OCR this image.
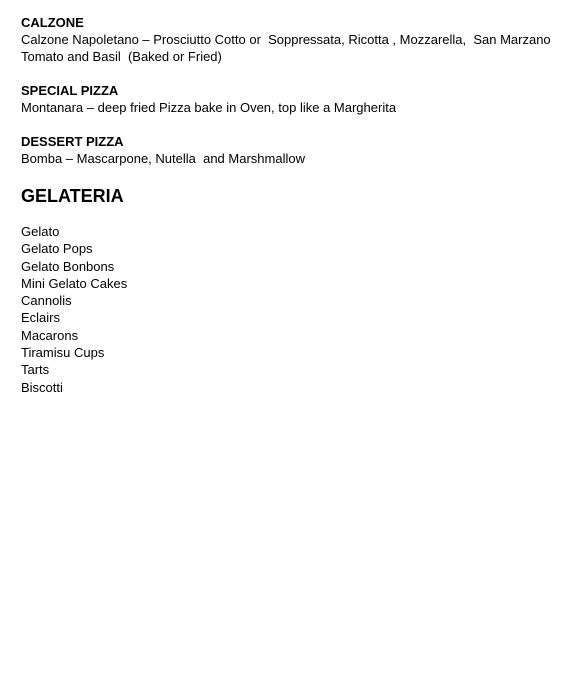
CALZONE

Calzone Napoletano – Prosciutto Cotto or  Soppressata, Ricotta , Mozzarella,  San Marzano

Tomato and Basil  (Baked or Fried)

SPECIAL PIZZA

Montanara – deep fried Pizza bake in Oven, top like a Margherita

DESSERT PIZZA

Bomba – Mascarpone, Nutella  and Marshmallow

GELATERIA
Gelato
Gelato Pops
Gelato Bonbons
Mini Gelato Cakes
Cannolis
Eclairs
Macarons
Tiramisu Cups
Tarts
Biscotti
